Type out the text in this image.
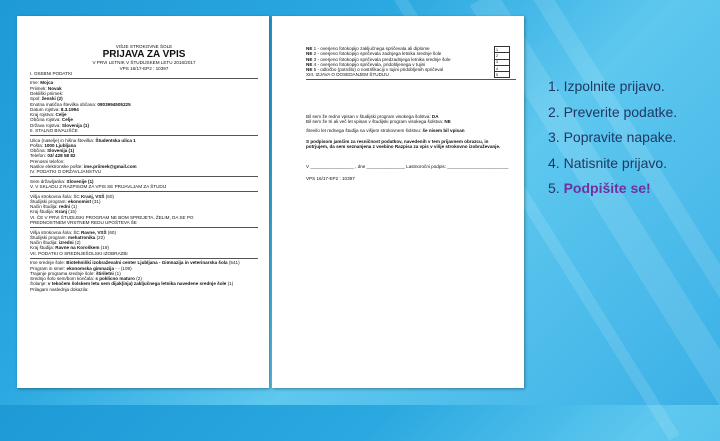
VIŠJE STROKOVNE ŠOLE
PRIJAVA ZA VPIS
V PRVI LETNIK V ŠTUDIJSKEM LETU 2016/2017
VPS 16/17-EP2 : 10397
I. OSEBNI PODATKI
Ime: Mojca
Priimek: Novak
Dekliški priimek:
Spol: ženski (2)
Enotna matična številka občana: 0803994505225
Datum rojstva: 8.3.1994
Kraj rojstva: Celje
Občina rojstva: Celje
Država rojstva: Slovenija (1)
II. STALNO BIVALIŠČE
Ulica (naselje) in hišna številka: Študentska ulica 1
Pošta: 1000 Ljubljana
Občina: Slovenija (1)
Telefon: 03/ 428 58 82
Prenosni telefon:
Naslov elektronske pošte: ime.priimek@gmail.com
IV. PODATKI O DRŽAVLJANSTVU
Sem državljanka: Slovenije (1)
V. V SKLADU Z RAZPISOM ZA VPIS SE PRIJAVLJAM ZA ŠTUDIJ
Višja strokovna šola: ŠC Kranj, VSŠ (60)
Študijski program: ekonomist (31)
Način študija: redni (1)
Kraj študija: Kranj (15)
VI. ČE V PRVI ŠTUDIJSKI PROGRAM NE BOM SPREJETA, ŽELIM, DA SE PO
PREDNOSTNEM VRSTNEM REDU UPOŠTEVA ŠE
Višja strokovna šola: ŠC Ravne, VSŠ (60)
Študijski program: mehatronika (22)
Način študija: izredni (2)
Kraj študija: Ravne na Koroškem (19)
VII. PODATKI O SREDNJEŠOLSKI IZOBRAZBI
Ime srednje šole: Biotehniški izobraževalni center Ljubljana - Gimnazija in veterinarska šola (541)
Program in smer: ekonomska gimnazija - - (109)
Trajanje programa srednje šole: štiriletni (1)
Srednjo šolo sem/bom končala: s poklicno maturo (2)
Šolanje: v tekočem šolskem letu sem dijak(inja) zaključnega letnika navedene srednje šole (1)
Prilagam naslednja dokazila:
NE 1 - overjeno fotokopijo zaključnega spričevala ali diplome
NE 2 - overjeno fotokopijo spričevala zadnjega letnika srednje šole
NE 3 - overjeno fotokopijo spričevala predzadnjega letnika srednje šole
NE 4 - overjeno fotokopijo spričevala, pridobljenega v tujini
NE 5 - odločbo (potrdilo) o nostrifikaciji v tujini pridobljenih spričeval
XIII. IZJAVA O DOSEDANJEM ŠTUDIJU
1
2
3
4
5
Bil sem že redno vpisan v študijski program visokega šolstva: DA
Bil sem že tri ali več let vpisan v študijski program visokega šolstva: NE
Število let rednega študija na višjem strokovnem šolstvu: še nisem bil vpisan
S podpisom jamčim za resničnost podatkov, navedenih v tem prijavnem obrazcu, in potrjujem, da sem seznanjena z vsebino Razpisa za vpis v višje strokovno izobraževanje.
V _________________ , dne _______________ Lastnoročni podpis: ________________________
VPS 16/17-EP2 : 10397
1. Izpolnite prijavo.
2. Preverite podatke.
3. Popravite napake.
4. Natisnite prijavo.
5. Podpišite se!
